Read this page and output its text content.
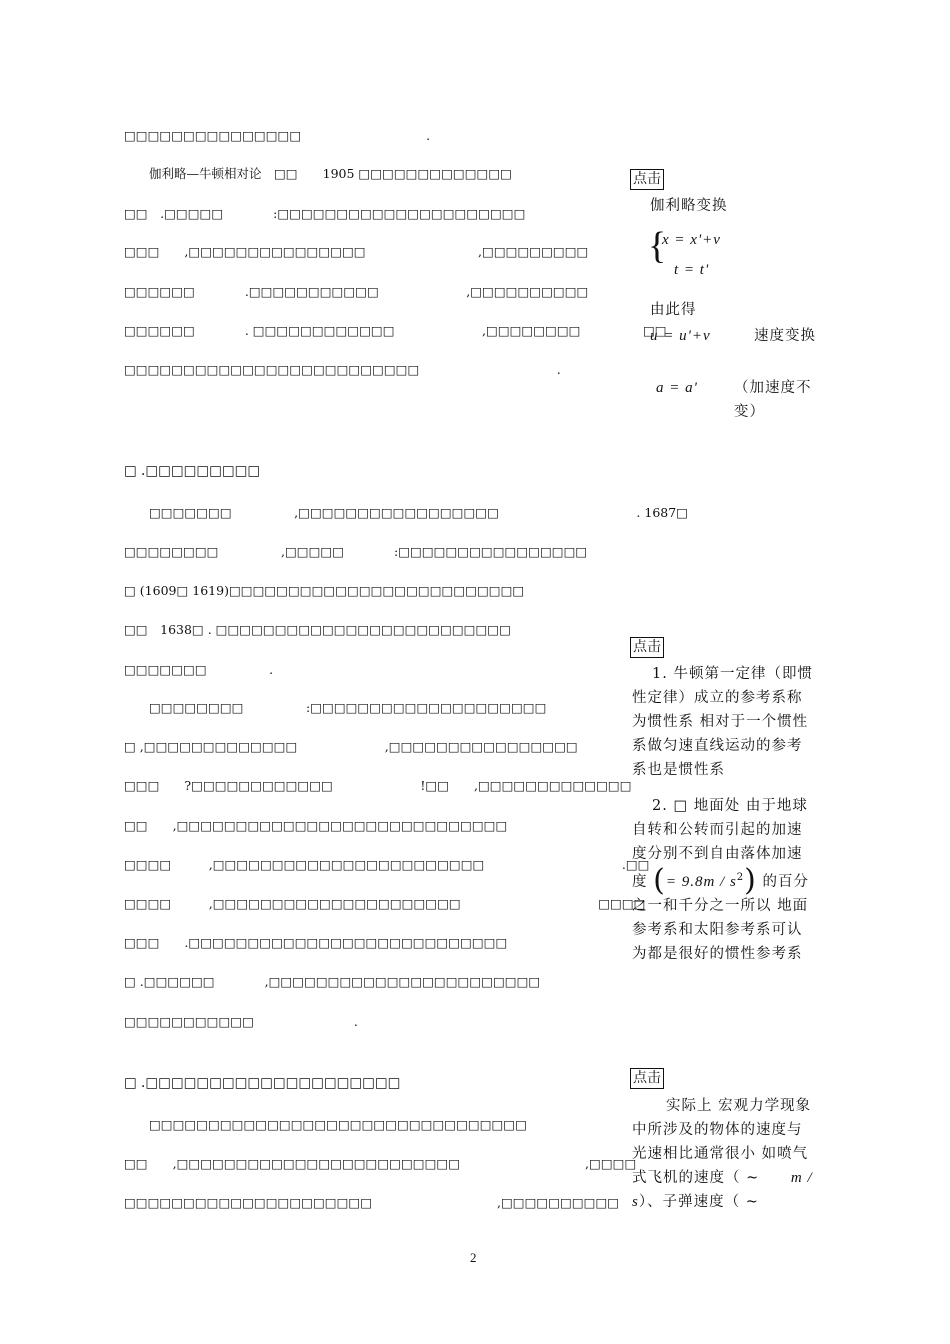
□□□□□□□□□□□□□□□　　　　　　　　　　.
　　伽利略—牛顿相对论　□□　　1905 □□□□□□□□□□□□□
□□　.□□□□□　　　　:□□□□□□□□□□□□□□□□□□□□□
□□□　　,□□□□□□□□□□□□□□□　　　　　　　　　,□□□□□□□□□
□□□□□□　　　　.□□□□□□□□□□□　　　　　　　,□□□□□□□□□□
□□□□□□　　　　. □□□□□□□□□□□□　　　　　　　,□□□□□□□□　　　　　□□
□□□□□□□□□□□□□□□□□□□□□□□□□　　　　　　　　　　　.
□ .□□□□□□□□□
　　□□□□□□□　　　　　,□□□□□□□□□□□□□□□□□　　　　　　　　　　　. 1687□
□□□□□□□□　　　　　,□□□□□　　　　:□□□□□□□□□□□□□□□□
□ (1609□ 1619)□□□□□□□□□□□□□□□□□□□□□□□□□
□□　1638□ . □□□□□□□□□□□□□□□□□□□□□□□□□
□□□□□□□　　　　　.
　　□□□□□□□□　　　　　:□□□□□□□□□□□□□□□□□□□□
□ ,□□□□□□□□□□□□□　　　　　　　,□□□□□□□□□□□□□□□□
□□□　　?□□□□□□□□□□□□　　　　　　　!□□　　,□□□□□□□□□□□□□
□□　　,□□□□□□□□□□□□□□□□□□□□□□□□□□□□
□□□□　　　,□□□□□□□□□□□□□□□□□□□□□□□　　　　　　　　　　　.□□
□□□□　　　,□□□□□□□□□□□□□□□□□□□□□　　　　　　　　　　　□□□□
□□□　　.□□□□□□□□□□□□□□□□□□□□□□□□□□□
□ .□□□□□□　　　　,□□□□□□□□□□□□□□□□□□□□□□□
□□□□□□□□□□□　　　　　　　　.
□ .□□□□□□□□□□□□□□□□□□□□
　　□□□□□□□□□□□□□□□□□□□□□□□□□□□□□□□□
□□　　,□□□□□□□□□□□□□□□□□□□□□□□□　　　　　　　　　　,□□□□
□□□□□□□□□□□□□□□□□□□□□　　　　　　　　　　,□□□□□□□□□□
点击
伽利略变换
{
x = x'+v
t = t'
由此得
u = u'+v	速度变换
a = a'	（加速度不变）
点击
1. 牛顿第一定律（即惯性定律）成立的参考系称为惯性系 相对于一个惯性系做匀速直线运动的参考系也是惯性系
2. □ 地面处 由于地球自转和公转而引起的加速度分别不到自由落体加速度 (= $9.8m / s^2$) 的百分之一和千分之一所以 地面参考系和太阳参考系可认为都是很好的惯性参考系
点击
实际上 宏观力学现象中所涉及的物体的速度与光速相比通常很小 如喷气式飞机的速度（ ~ m / s）、子弹速度（ ~
2
